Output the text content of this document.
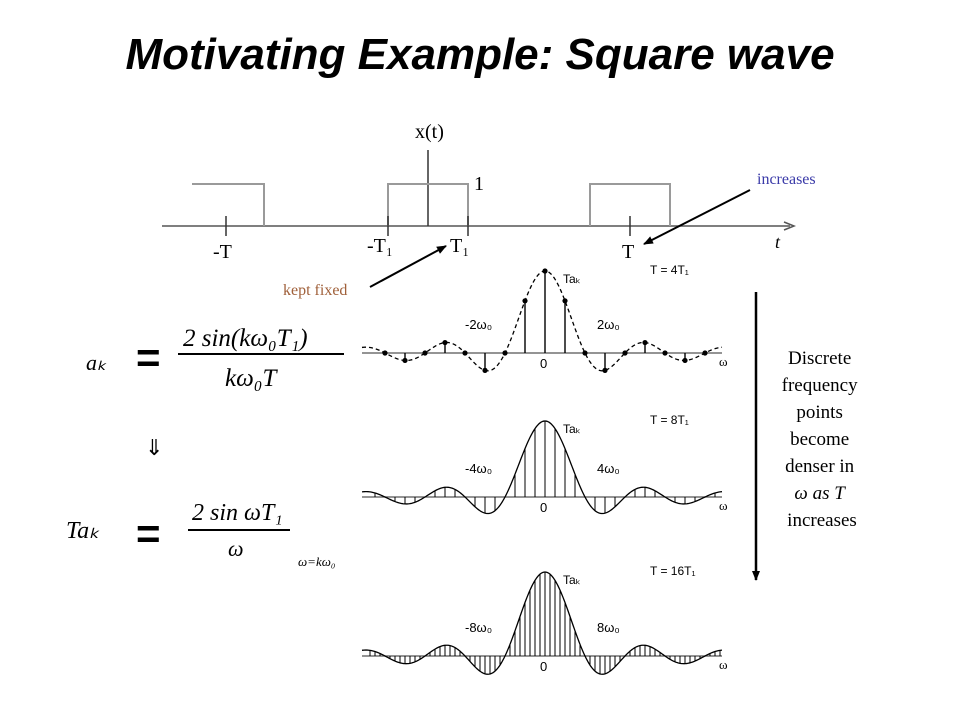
Motivating Example: Square wave
x(t)
1
t
-T	-T₁	T₁	T
increases
kept fixed
aₖ = 2 sin(kω₀T₁)
kω₀T
⇓
Taₖ = 2 sin ωT₁
ω
ω=kω₀
Taₖ
T = 4T₁
-2ω₀	2ω₀
0	ω
Taₖ
T = 8T₁
-4ω₀	4ω₀
0	ω
Taₖ
T = 16T₁
-8ω₀	8ω₀
0	ω
Discrete frequency points become denser in ω as T increases
